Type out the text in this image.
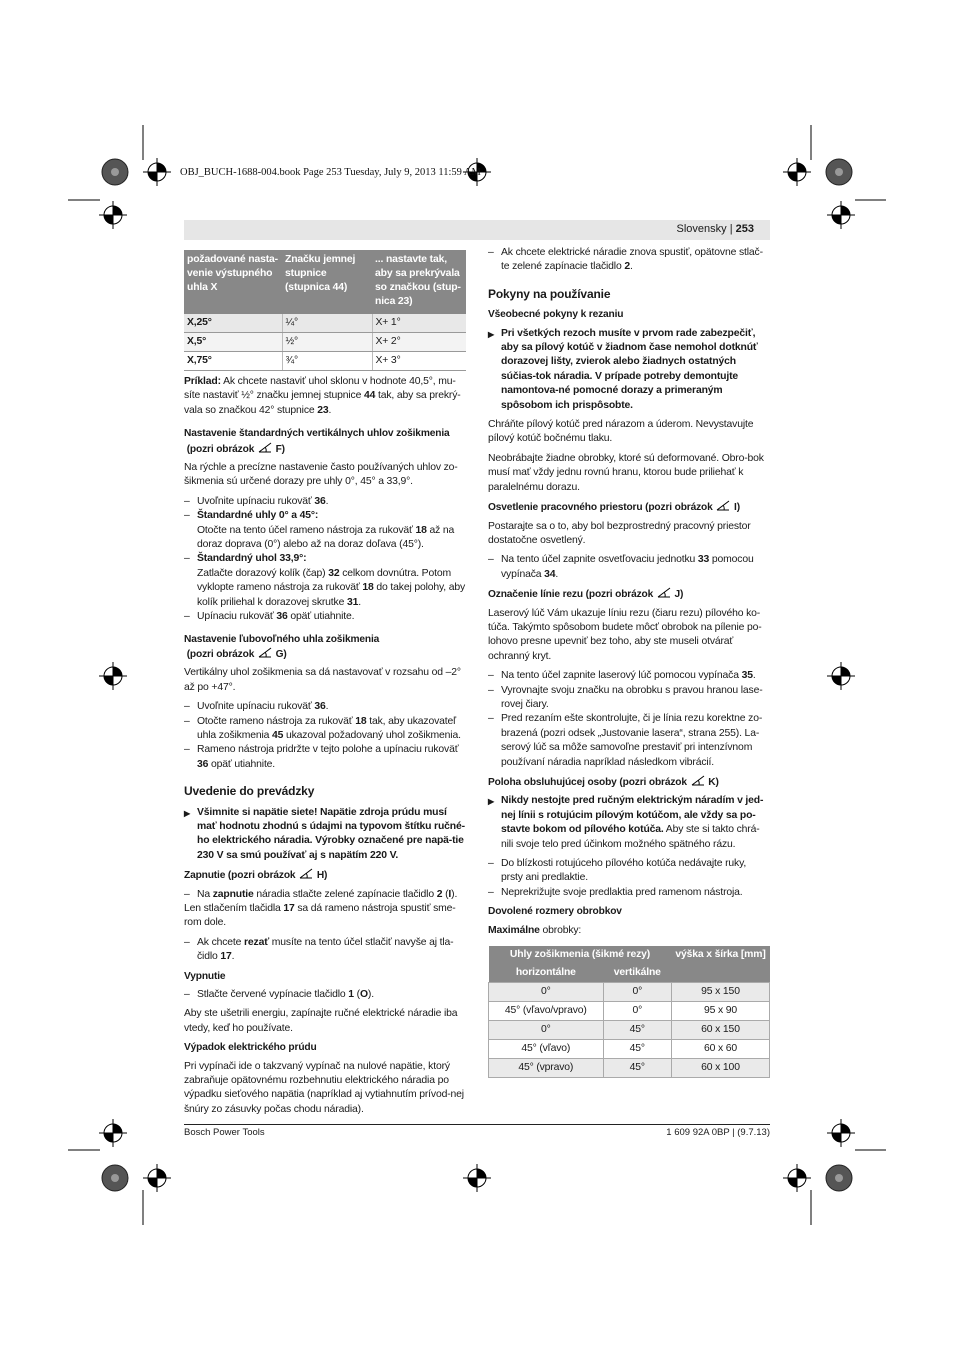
OBJ_BUCH-1688-004.book Page 253 Tuesday, July 9, 2013 11:59 AM
Slovensky | 253
požadované nasta-venie výstupného uhla X	Značku jemnej stupnice (stupnica 44)	... nastavte tak, aby sa prekrývala so značkou (stup-nica 23)
X,25°	¼°	X+ 1°
X,5°	½°	X+ 2°
X,75°	¾°	X+ 3°

Príklad: Ak chcete nastaviť uhol sklonu v hodnote 40,5°, mu-síte nastaviť ½° značku jemnej stupnice 44 tak, aby sa prekrý-vala so značkou 42° stupnice 23.

Nastavenie štandardných vertikálnych uhlov zošikmenia
(pozri obrázok F)

Na rýchle a precízne nastavenie často používaných uhlov zo-šikmenia sú určené dorazy pre uhly 0°, 45° a 33,9°.

– Uvoľnite upínaciu rukoväť 36.

– Štandardné uhly 0° a 45°:

Otočte na tento účel rameno nástroja za rukoväť 18 až na doraz doprava (0°) alebo až na doraz doľava (45°).

– Štandardný uhol 33,9°:

Zatlačte dorazový kolík (čap) 32 celkom dovnútra. Potom vyklopte rameno nástroja za rukoväť 18 do takej polohy, aby kolík priliehal k dorazovej skrutke 31.

– Upínaciu rukoväť 36 opäť utiahnite.

Nastavenie ľubovoľného uhla zošikmenia
(pozri obrázok G)

Vertikálny uhol zošikmenia sa dá nastavovať v rozsahu od –2° až po +47°.

– Uvoľnite upínaciu rukoväť 36.

– Otočte rameno nástroja za rukoväť 18 tak, aby ukazovateľ uhla zošikmenia 45 ukazoval požadovaný uhol zošikmenia.

– Rameno nástroja pridržte v tejto polohe a upínaciu rukoväť 36 opäť utiahnite.

Uvedenie do prevádzky

▶ Všimnite si napätie siete! Napätie zdroja prúdu musí mať hodnotu zhodnú s údajmi na typovom štítku ručné-ho elektrického náradia. Výrobky označené pre napä-tie 230 V sa smú používať aj s napätím 220 V.

Zapnutie (pozri obrázok H)

– Na zapnutie náradia stlačte zelené zapínacie tlačidlo 2 (I).

Len stlačením tlačidla 17 sa dá rameno nástroja spustiť sme-rom dole.

– Ak chcete rezať musíte na tento účel stlačiť navyše aj tla-čidlo 17.

Vypnutie

– Stlačte červené vypínacie tlačidlo 1 (O).

Aby ste ušetrili energiu, zapínajte ručné elektrické náradie iba vtedy, keď ho používate.

Výpadok elektrického prúdu

Pri vypínači ide o takzvaný vypínač na nulové napätie, ktorý zabraňuje opätovnému rozbehnutiu elektrického náradia po výpadku sieťového napätia (napríklad aj vytiahnutím prívod-nej šnúry zo zásuvky počas chodu náradia).

– Ak chcete elektrické náradie znova spustiť, opätovne stlač-te zelené zapínacie tlačidlo 2.

Pokyny na používanie

Všeobecné pokyny k rezaniu

▶ Pri všetkých rezoch musíte v prvom rade zabezpečiť, aby sa pílový kotúč v žiadnom čase nemohol dotknúť dorazovej lišty, zvierok alebo žiadnych ostatných súčias-tok náradia. V prípade potreby demontujte namontova-né pomocné dorazy a primeraným spôsobom ich prispôsobte.

Chráňte pílový kotúč pred nárazom a úderom. Nevystavujte pílový kotúč bočnému tlaku.

Neobrábajte žiadne obrobky, ktoré sú deformované. Obro-bok musí mať vždy jednu rovnú hranu, ktorou bude priliehať k paralelnému dorazu.

Osvetlenie pracovného priestoru (pozri obrázok I)

Postarajte sa o to, aby bol bezprostredný pracovný priestor dostatočne osvetlený.

– Na tento účel zapnite osvetľovaciu jednotku 33 pomocou vypínača 34.

Označenie línie rezu (pozri obrázok J)

Laserový lúč Vám ukazuje líniu rezu (čiaru rezu) pílového ko-túča. Takýmto spôsobom budete môcť obrobok na pílenie po-lohovo presne upevniť bez toho, aby ste museli otvárať ochranný kryt.

– Na tento účel zapnite laserový lúč pomocou vypínača 35.

– Vyrovnajte svoju značku na obrobku s pravou hranou lase-rovej čiary.

– Pred rezaním ešte skontrolujte, či je línia rezu korektne zo-brazená (pozri odsek „Justovanie lasera“, strana 255). La-serový lúč sa môže samovoľne prestaviť pri intenzívnom používaní náradia napríklad následkom vibrácií.

Poloha obsluhujúcej osoby (pozri obrázok K)

▶ Nikdy nestojte pred ručným elektrickým náradím v jed-nej línii s rotujúcim pílovým kotúčom, ale vždy sa po-stavte bokom od pílového kotúča. Aby ste si takto chrá-nili svoje telo pred účinkom možného spätného rázu.

– Do blízkosti rotujúceho pílového kotúča nedávajte ruky, prsty ani predlaktie.

– Neprekrižujte svoje predlaktia pred ramenom nástroja.

Dovolené rozmery obrobkov

Maximálne obrobky:

Uhly zošikmenia (šikmé rezy)		výška x šírka [mm]
horizontálne	vertikálne	
0°	0°	95 x 150
45° (vľavo/vpravo)	0°	95 x 90
0°	45°	60 x 150
45° (vľavo)	45°	60 x 60
45° (vpravo)	45°	60 x 100
Bosch Power Tools	1 609 92A 0BP | (9.7.13)
